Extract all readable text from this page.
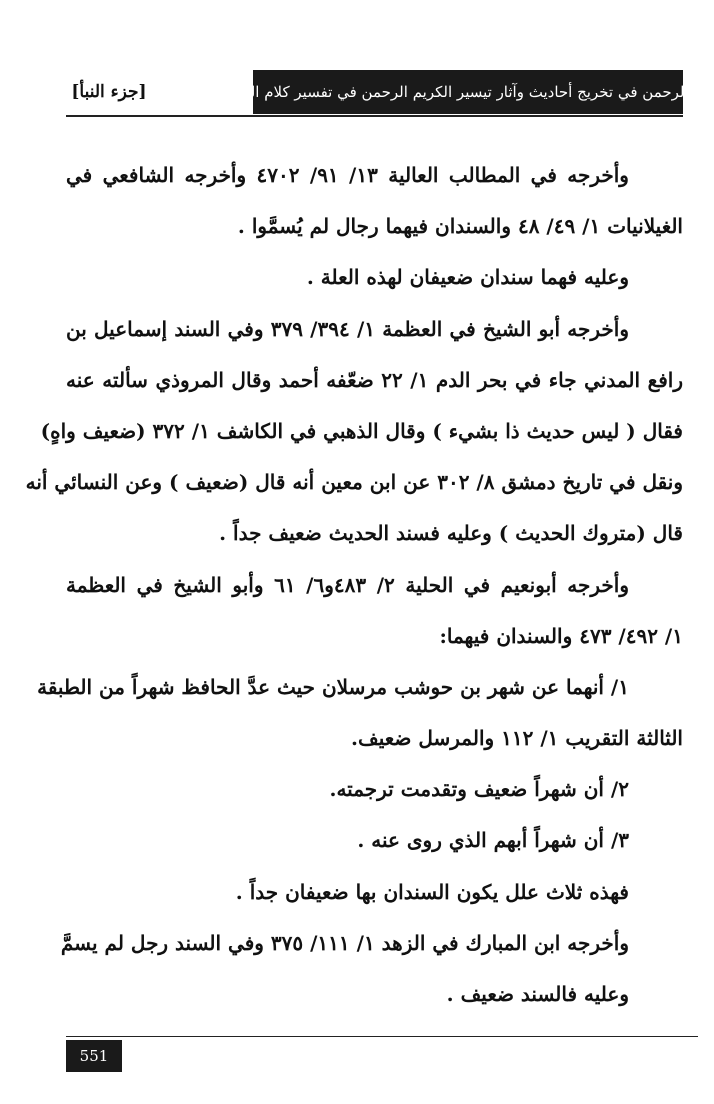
منة الرحمن في تخريج أحاديث وآثار تيسير الكريم الرحمن في تفسير كلام المنان
[جزء النبأ]
وأخرجه في المطالب العالية ١٣/ ٩١/ ٤٧٠٢ وأخرجه الشافعي في
الغيلانيات ١/ ٤٩/ ٤٨ والسندان فيهما رجال لم يُسمَّوا .
وعليه فهما سندان ضعيفان لهذه العلة .
وأخرجه أبو الشيخ في العظمة ١/ ٣٩٤/ ٣٧٩ وفي السند إسماعيل بن
رافع المدني جاء في بحر الدم ١/ ٢٢ ضعّفه أحمد وقال المروذي سألته عنه
فقال ( ليس حديث ذا بشيء ) وقال الذهبي في الكاشف ١/ ٣٧٢ (ضعيف واهٍ)
ونقل في تاريخ دمشق ٨/ ٣٠٢ عن ابن معين أنه قال (ضعيف ) وعن النسائي أنه
قال (متروك الحديث ) وعليه فسند الحديث ضعيف جداً .
وأخرجه أبونعيم في الحلية ٢/ ٤٨٣و٦/ ٦١ وأبو الشيخ في العظمة
١/ ٤٩٢/ ٤٧٣ والسندان فيهما:
١/ أنهما عن شهر بن حوشب مرسلان حيث عدَّ الحافظ شهراً من الطبقة
الثالثة التقريب ١/ ١١٢ والمرسل ضعيف.
٢/ أن شهراً ضعيف وتقدمت ترجمته.
٣/ أن شهراً أبهم الذي روى عنه .
فهذه ثلاث علل يكون السندان بها ضعيفان جداً .
وأخرجه ابن المبارك في الزهد ١/ ١١١/ ٣٧٥ وفي السند رجل لم يسمَّ
وعليه فالسند ضعيف .
551
